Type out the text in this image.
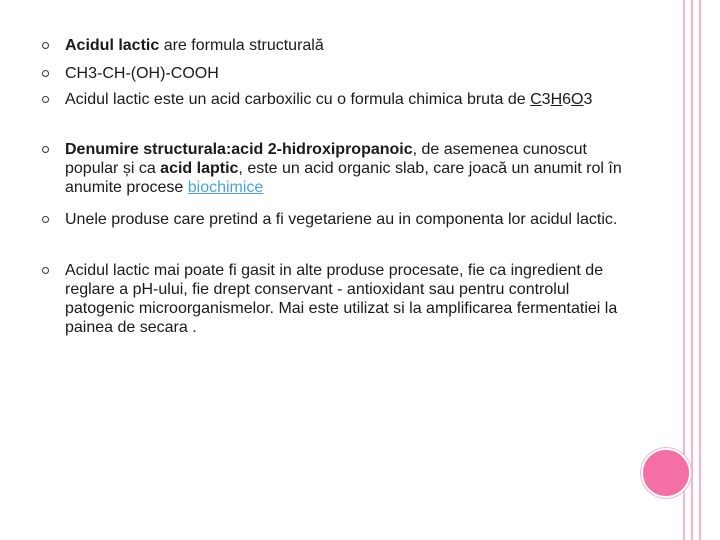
Acidul lactic are formula structurală
CH3-CH-(OH)-COOH
Acidul lactic este un acid carboxilic cu o formula chimica bruta de C3H6O3
Denumire structurala:acid 2-hidroxipropanoic, de asemenea cunoscut popular și ca acid laptic, este un acid organic slab, care joacă un anumit rol în anumite procese biochimice
Unele produse care pretind a fi vegetariene au in componenta lor acidul lactic.
Acidul lactic mai poate fi gasit in alte produse procesate, fie ca ingredient de reglare a pH-ului, fie drept conservant - antioxidant sau pentru controlul patogenic microorganismelor. Mai este utilizat si la amplificarea fermentatiei la painea de secara .
